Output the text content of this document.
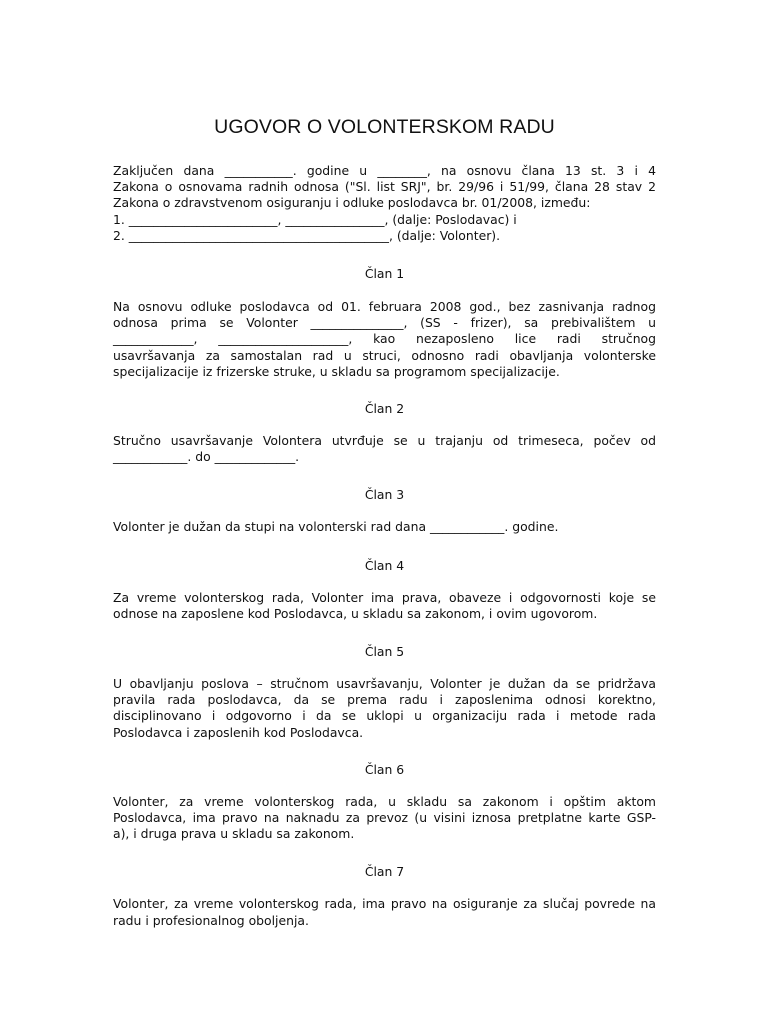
UGOVOR O VOLONTERSKOM RADU

Zaključen dana ___________. godine u ________, na osnovu člana 13 st. 3 i 4
Zakona o osnovama radnih odnosa ("Sl. list SRJ", br. 29/96 i 51/99, člana 28 stav 2
Zakona o zdravstvenom osiguranju i odluke poslodavca br. 01/2008, između:
1. ________________________, ________________, (dalje: Poslodavac) i
2. __________________________________________, (dalje: Volonter).

Član 1

Na osnovu odluke poslodavca od 01. februara 2008 god., bez zasnivanja radnog
odnosa prima se Volonter _______________, (SS - frizer), sa prebivalištem u
_____________, _____________________, kao nezaposleno lice radi stručnog
usavršavanja za samostalan rad u struci, odnosno radi obavljanja volonterske
specijalizacije iz frizerske struke, u skladu sa programom specijalizacije.

Član 2

Stručno usavršavanje Volontera utvrđuje se u trajanju od trimeseca, počev od
____________. do _____________.

Član 3

Volonter je dužan da stupi na volonterski rad dana ____________. godine.

Član 4

Za vreme volonterskog rada, Volonter ima prava, obaveze i odgovornosti koje se
odnose na zaposlene kod Poslodavca, u skladu sa zakonom, i ovim ugovorom.

Član 5

U obavljanju poslova – stručnom usavršavanju, Volonter je dužan da se pridržava
pravila rada poslodavca, da se prema radu i zaposlenima odnosi korektno,
disciplinovano i odgovorno i da se uklopi u organizaciju rada i metode rada
Poslodavca i zaposlenih kod Poslodavca.

Član 6

Volonter, za vreme volonterskog rada, u skladu sa zakonom i opštim aktom
Poslodavca, ima pravo na naknadu za prevoz (u visini iznosa pretplatne karte GSP-
a), i druga prava u skladu sa zakonom.

Član 7

Volonter, za vreme volonterskog rada, ima pravo na osiguranje za slučaj povrede na
radu i profesionalnog oboljenja.
